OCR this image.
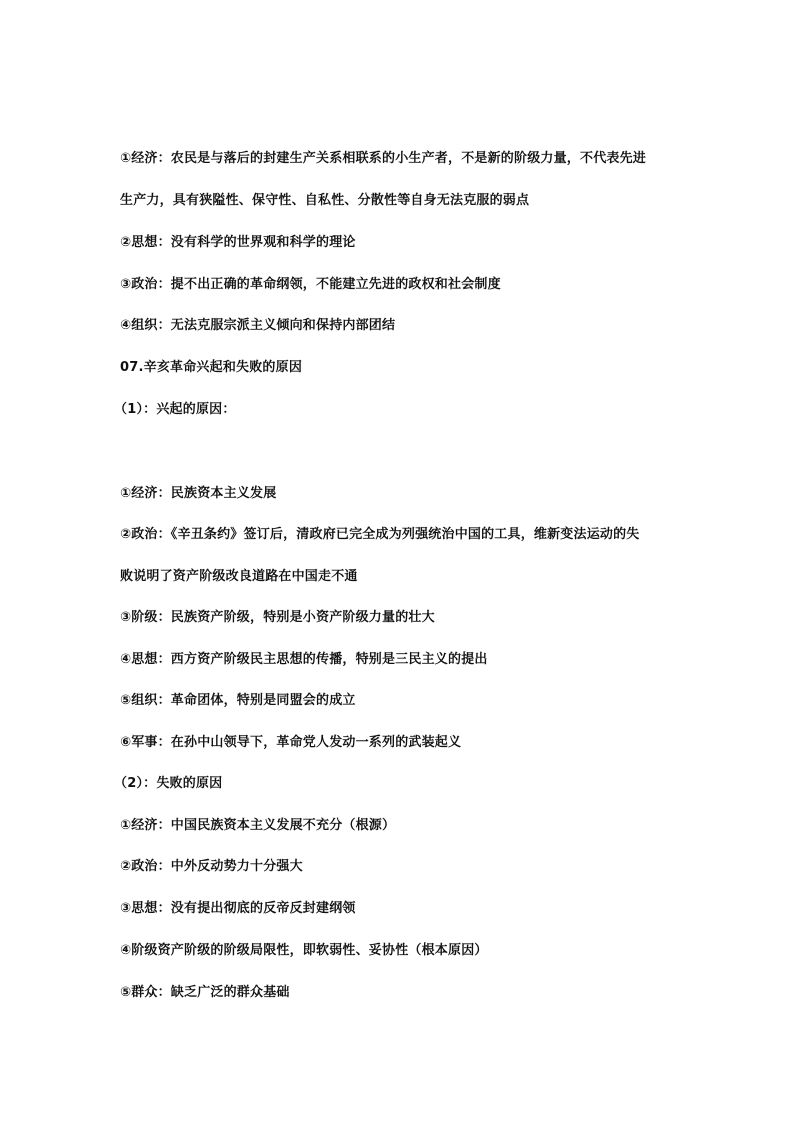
①经济：农民是与落后的封建生产关系相联系的小生产者，不是新的阶级力量，不代表先进
生产力，具有狭隘性、保守性、自私性、分散性等自身无法克服的弱点
②思想：没有科学的世界观和科学的理论
③政治：提不出正确的革命纲领，不能建立先进的政权和社会制度
④组织：无法克服宗派主义倾向和保持内部团结
07.辛亥革命兴起和失败的原因
（1）：兴起的原因：
①经济：民族资本主义发展
②政治：《辛丑条约》签订后，清政府已完全成为列强统治中国的工具，维新变法运动的失
败说明了资产阶级改良道路在中国走不通
③阶级：民族资产阶级，特别是小资产阶级力量的壮大
④思想：西方资产阶级民主思想的传播，特别是三民主义的提出
⑤组织：革命团体，特别是同盟会的成立
⑥军事：在孙中山领导下，革命党人发动一系列的武装起义
（2）：失败的原因
①经济：中国民族资本主义发展不充分（根源）
②政治：中外反动势力十分强大
③思想：没有提出彻底的反帝反封建纲领
④阶级资产阶级的阶级局限性，即软弱性、妥协性（根本原因）
⑤群众：缺乏广泛的群众基础
